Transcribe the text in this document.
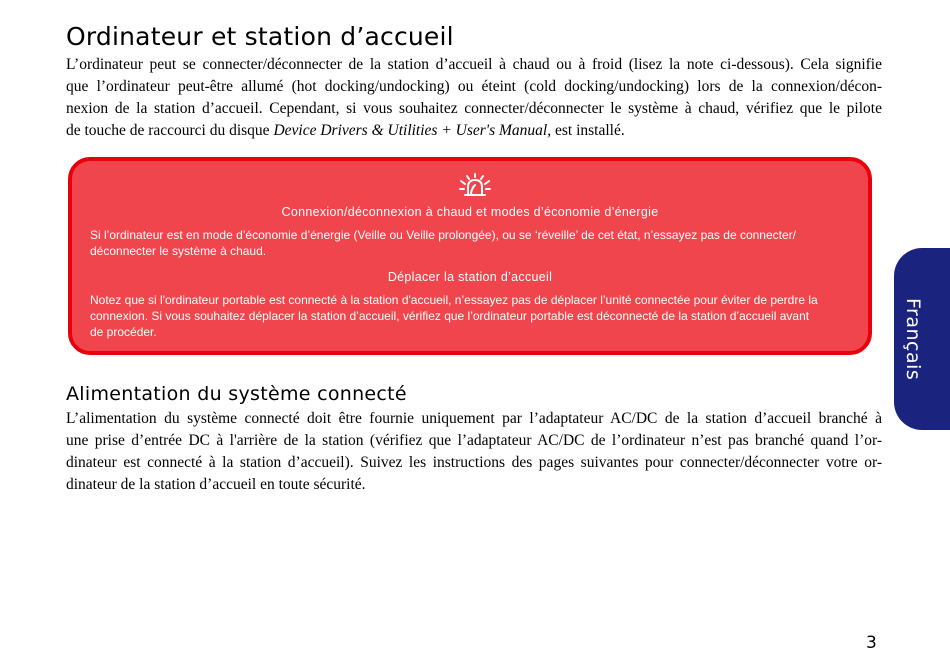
Ordinateur et station d’accueil

L’ordinateur peut se connecter/déconnecter de la station d’accueil à chaud ou à froid (lisez la note ci-dessous). Cela signifie
que l’ordinateur peut-être allumé (hot docking/undocking) ou éteint (cold docking/undocking) lors de la connexion/décon-
nexion de la station d’accueil. Cependant, si vous souhaitez connecter/déconnecter le système à chaud, vérifiez que le pilote
de touche de raccourci du disque Device Drivers & Utilities + User's Manual, est installé.

Connexion/déconnexion à chaud et modes d’économie d’énergie

Si l’ordinateur est en mode d’économie d’énergie (Veille ou Veille prolongée), ou se ‘réveille’ de cet état, n’essayez pas de connecter/
déconnecter le système à chaud.

Déplacer la station d’accueil

Notez que si l'ordinateur portable est connecté à la station d'accueil, n’essayez pas de déplacer l’unité connectée pour éviter de perdre la
connexion. Si vous souhaitez déplacer la station d’accueil, vérifiez que l’ordinateur portable est déconnecté de la station d’accueil avant
de procéder.

Alimentation du système connecté

L’alimentation du système connecté doit être fournie uniquement par l’adaptateur AC/DC de la station d’accueil branché à
une prise d’entrée DC à l'arrière de la station (vérifiez que l’adaptateur AC/DC de l’ordinateur n’est pas branché quand l’or-
dinateur est connecté à la station d’accueil). Suivez les instructions des pages suivantes pour connecter/déconnecter votre or-
dinateur de la station d’accueil en toute sécurité.

Français

3
